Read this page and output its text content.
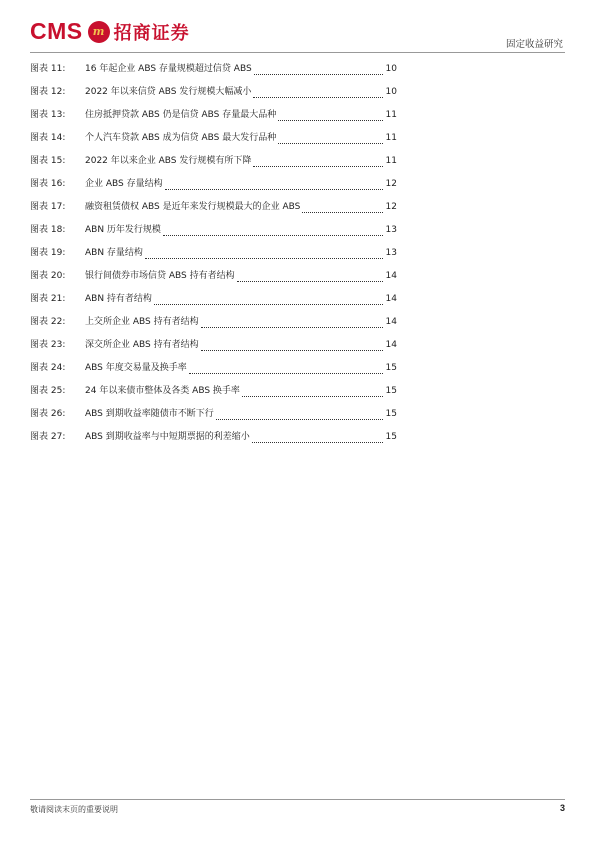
CMS m 招商证券
固定收益研究
图表 11:	16 年起企业 ABS 存量规模超过信贷 ABS	10
图表 12:	2022 年以来信贷 ABS 发行规模大幅减小	10
图表 13:	住房抵押贷款 ABS 仍是信贷 ABS 存量最大品种	11
图表 14:	个人汽车贷款 ABS 成为信贷 ABS 最大发行品种	11
图表 15:	2022 年以来企业 ABS 发行规模有所下降	11
图表 16:	企业 ABS 存量结构	12
图表 17:	融资租赁债权 ABS 是近年来发行规模最大的企业 ABS	12
图表 18:	ABN 历年发行规模	13
图表 19:	ABN 存量结构	13
图表 20:	银行间债券市场信贷 ABS 持有者结构	14
图表 21:	ABN 持有者结构	14
图表 22:	上交所企业 ABS 持有者结构	14
图表 23:	深交所企业 ABS 持有者结构	14
图表 24:	ABS 年度交易量及换手率	15
图表 25:	24 年以来债市整体及各类 ABS 换手率	15
图表 26:	ABS 到期收益率随债市不断下行	15
图表 27:	ABS 到期收益率与中短期票据的利差缩小	15
敬请阅读末页的重要说明	3
